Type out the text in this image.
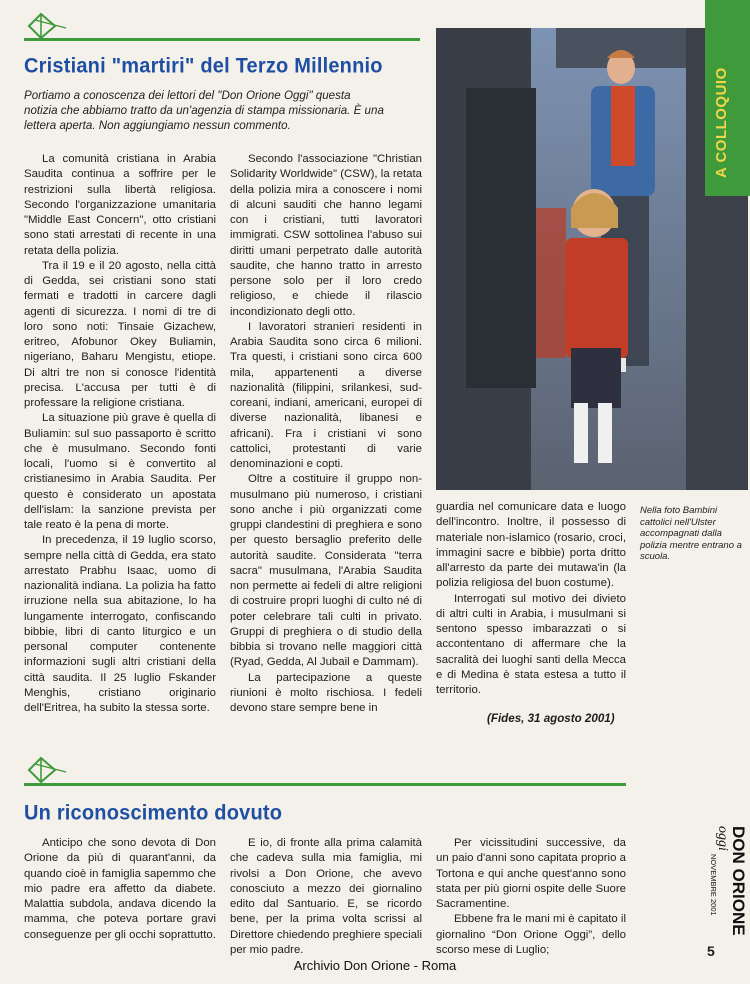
Cristiani "martiri" del Terzo Millennio
Portiamo a conoscenza dei lettori del "Don Orione Oggi" questa notizia che abbiamo tratto da un'agenzia di stampa missionaria. È una lettera aperta. Non aggiungiamo nessun commento.

La comunità cristiana in Arabia Saudita continua a soffrire per le restrizioni sulla libertà religiosa. Secondo l'organizzazione umanitaria "Middle East Concern", otto cristiani sono stati arrestati di recente in una retata della polizia.

Tra il 19 e il 20 agosto, nella città di Gedda, sei cristiani sono stati fermati e tradotti in carcere dagli agenti di sicurezza. I nomi di tre di loro sono noti: Tinsaie Gizachew, eritreo, Afobunor Okey Buliamin, nigeriano, Baharu Mengistu, etiope. Di altri tre non si conosce l'identità precisa. L'accusa per tutti è di professare la religione cristiana.

La situazione più grave è quella di Buliamin: sul suo passaporto è scritto che è musulmano. Secondo fonti locali, l'uomo si è convertito al cristianesimo in Arabia Saudita. Per questo è considerato un apostata dell'islam: la sanzione prevista per tale reato è la pena di morte.

In precedenza, il 19 luglio scorso, sempre nella città di Gedda, era stato arrestato Prabhu Isaac, uomo di nazionalità indiana. La polizia ha fatto irruzione nella sua abitazione, lo ha lungamente interrogato, confiscando bibbie, libri di canto liturgico e un personal computer contenente informazioni sugli altri cristiani della città saudita. Il 25 luglio Fskander Menghis, cristiano originario dell'Eritrea, ha subito la stessa sorte.

Secondo l'associazione "Christian Solidarity Worldwide" (CSW), la retata della polizia mira a conoscere i nomi di alcuni sauditi che hanno legami con i cristiani, tutti lavoratori immigrati. CSW sottolinea l'abuso sui diritti umani perpetrato dalle autorità saudite, che hanno tratto in arresto persone solo per il loro credo religioso, e chiede il rilascio incondizionato degli otto.

I lavoratori stranieri residenti in Arabia Saudita sono circa 6 milioni. Tra questi, i cristiani sono circa 600 mila, appartenenti a diverse nazionalità (filippini, srilankesi, sud-coreani, indiani, americani, europei di diverse nazionalità, libanesi e africani). Fra i cristiani vi sono cattolici, protestanti di varie denominazioni e copti.

Oltre a costituire il gruppo non-musulmano più numeroso, i cristiani sono anche i più organizzati come gruppi clandestini di preghiera e sono per questo bersaglio preferito delle autorità saudite. Considerata "terra sacra" musulmana, l'Arabia Saudita non permette ai fedeli di altre religioni di costruire propri luoghi di culto né di poter celebrare tali culti in privato. Gruppi di preghiera o di studio della bibbia si trovano nelle maggiori città (Ryad, Gedda, Al Jubail e Dammam).

La partecipazione a queste riunioni è molto rischiosa. I fedeli devono stare sempre bene in

A COLLOQUIO

guardia nel comunicare data e luogo dell'incontro. Inoltre, il possesso di materiale non-islamico (rosario, croci, immagini sacre e bibbie) porta dritto all'arresto da parte dei mutawa'in (la polizia religiosa del buon costume).

Interrogati sul motivo dei divieto di altri culti in Arabia, i musulmani si sentono spesso imbarazzati o si accontentano di affermare che la sacralità dei luoghi santi della Mecca e di Medina è stata estesa a tutto il territorio.

(Fides, 31 agosto 2001)
Nella foto Bambini cattolici nell'Ulster accompagnati dalla polizia mentre entrano a scuola.
Un riconoscimento dovuto

Anticipo che sono devota di Don Orione da più di quarant'anni, da quando cioè in famiglia sapemmo che mio padre era affetto da diabete. Malattia subdola, andava dicendo la mamma, che poteva portare gravi conseguenze per gli occhi soprattutto.

E io, di fronte alla prima calamità che cadeva sulla mia famiglia, mi rivolsi a Don Orione, che avevo conosciuto a mezzo dei giornalino edito dal Santuario. E, se ricordo bene, per la prima volta scrissi al Direttore chiedendo preghiere speciali per mio padre.

Per vicissitudini successive, da un paio d'anni sono capitata proprio a Tortona e qui anche quest'anno sono stata per più giorni ospite delle Suore Sacramentine.

Ebbene fra le mani mi è capitato il giornalino “Don Orione Oggi”, dello scorso mese di Luglio;

DON ORIONE
oggi
NOVEMBRE 2001
5
Archivio Don Orione - Roma
